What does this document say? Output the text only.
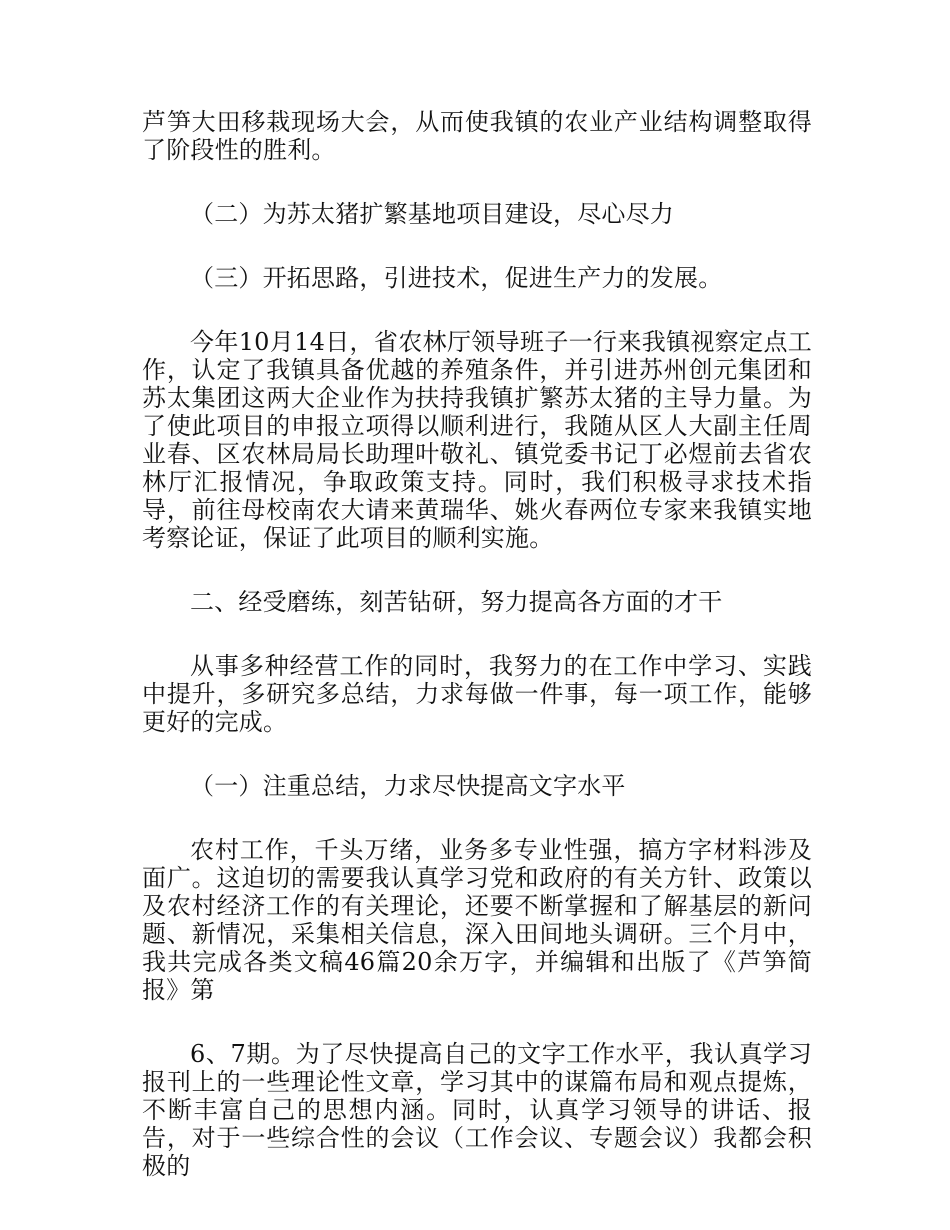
芦笋大田移栽现场大会，从而使我镇的农业产业结构调整取得了阶段性的胜利。

（二）为苏太猪扩繁基地项目建设，尽心尽力

（三）开拓思路，引进技术，促进生产力的发展。

今年10月14日，省农林厅领导班子一行来我镇视察定点工作，认定了我镇具备优越的养殖条件，并引进苏州创元集团和苏太集团这两大企业作为扶持我镇扩繁苏太猪的主导力量。为了使此项目的申报立项得以顺利进行，我随从区人大副主任周业春、区农林局局长助理叶敬礼、镇党委书记丁必煜前去省农林厅汇报情况，争取政策支持。同时，我们积极寻求技术指导，前往母校南农大请来黄瑞华、姚火春两位专家来我镇实地考察论证，保证了此项目的顺利实施。

二、经受磨练，刻苦钻研，努力提高各方面的才干

从事多种经营工作的同时，我努力的在工作中学习、实践中提升，多研究多总结，力求每做一件事，每一项工作，能够更好的完成。

（一）注重总结，力求尽快提高文字水平

农村工作，千头万绪，业务多专业性强，搞方字材料涉及面广。这迫切的需要我认真学习党和政府的有关方针、政策以及农村经济工作的有关理论，还要不断掌握和了解基层的新问题、新情况，采集相关信息，深入田间地头调研。三个月中，我共完成各类文稿46篇20余万字，并编辑和出版了《芦笋简报》第

6、7期。为了尽快提高自己的文字工作水平，我认真学习报刊上的一些理论性文章，学习其中的谋篇布局和观点提炼，不断丰富自己的思想内涵。同时，认真学习领导的讲话、报告，对于一些综合性的会议（工作会议、专题会议）我都会积极的
